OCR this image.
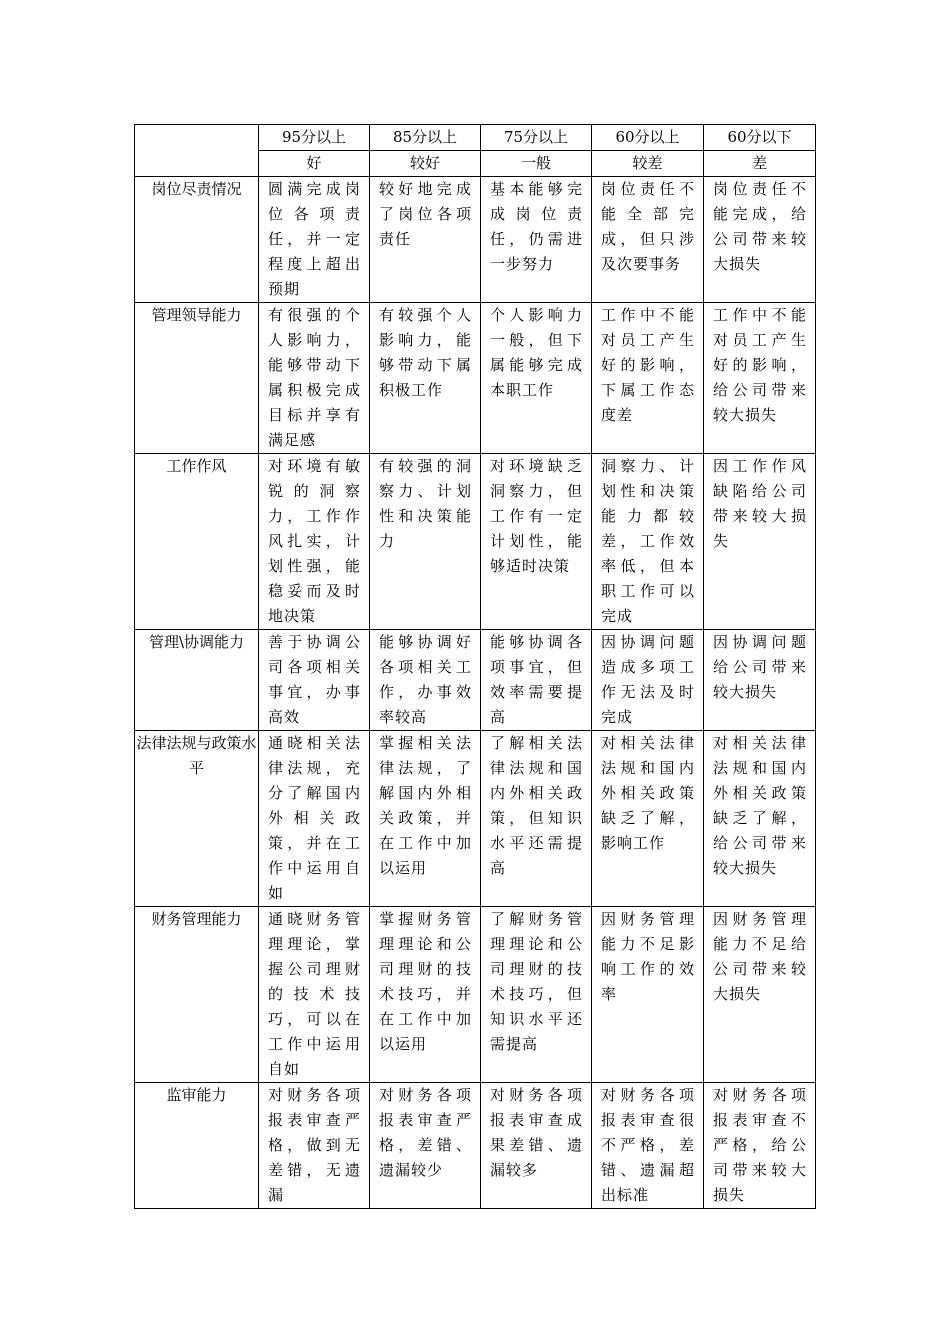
	95分以上	85分以上	75分以上	60分以上	60分以下
	好	较好	一般	较差	差
岗位尽责情况	圆满完成岗位各项责任，并一定程度上超出预期	较好地完成了岗位各项责任	基本能够完成岗位责任，仍需进一步努力	岗位责任不能全部完成，但只涉及次要事务	岗位责任不能完成，给公司带来较大损失

管理领导能力	有很强的个人影响力，能够带动下属积极完成目标并享有满足感	有较强个人影响力，能够带动下属积极工作	个人影响力一般，但下属能够完成本职工作	工作中不能对员工产生好的影响，下属工作态度差	工作中不能对员工产生好的影响，给公司带来较大损失

工作作风	对环境有敏锐的洞察力，工作作风扎实，计划性强，能稳妥而及时地决策	有较强的洞察力、计划性和决策能力	对环境缺乏洞察力，但工作有一定计划性，能够适时决策	洞察力、计划性和决策能力都较差，工作效率低，但本职工作可以完成	因工作作风缺陷给公司带来较大损失

管理\协调能力	善于协调公司各项相关事宜，办事高效	能够协调好各项相关工作，办事效率较高	能够协调各项事宜，但效率需要提高	因协调问题造成多项工作无法及时完成	因协调问题给公司带来较大损失

法律法规与政策水平	通晓相关法律法规，充分了解国内外相关政策，并在工作中运用自如	掌握相关法律法规，了解国内外相关政策，并在工作中加以运用	了解相关法律法规和国内外相关政策，但知识水平还需提高	对相关法律法规和国内外相关政策缺乏了解，影响工作	对相关法律法规和国内外相关政策缺乏了解，给公司带来较大损失

财务管理能力	通晓财务管理理论，掌握公司理财的技术技巧，可以在工作中运用自如	掌握财务管理理论和公司理财的技术技巧，并在工作中加以运用	了解财务管理理论和公司理财的技术技巧，但知识水平还需提高	因财务管理能力不足影响工作的效率	因财务管理能力不足给公司带来较大损失

监审能力	对财务各项报表审查严格，做到无差错，无遗漏	对财务各项报表审查严格，差错、遗漏较少	对财务各项报表审查成果差错、遗漏较多	对财务各项报表审查很不严格，差错、遗漏超出标准	对财务各项报表审查不严格，给公司带来较大损失
